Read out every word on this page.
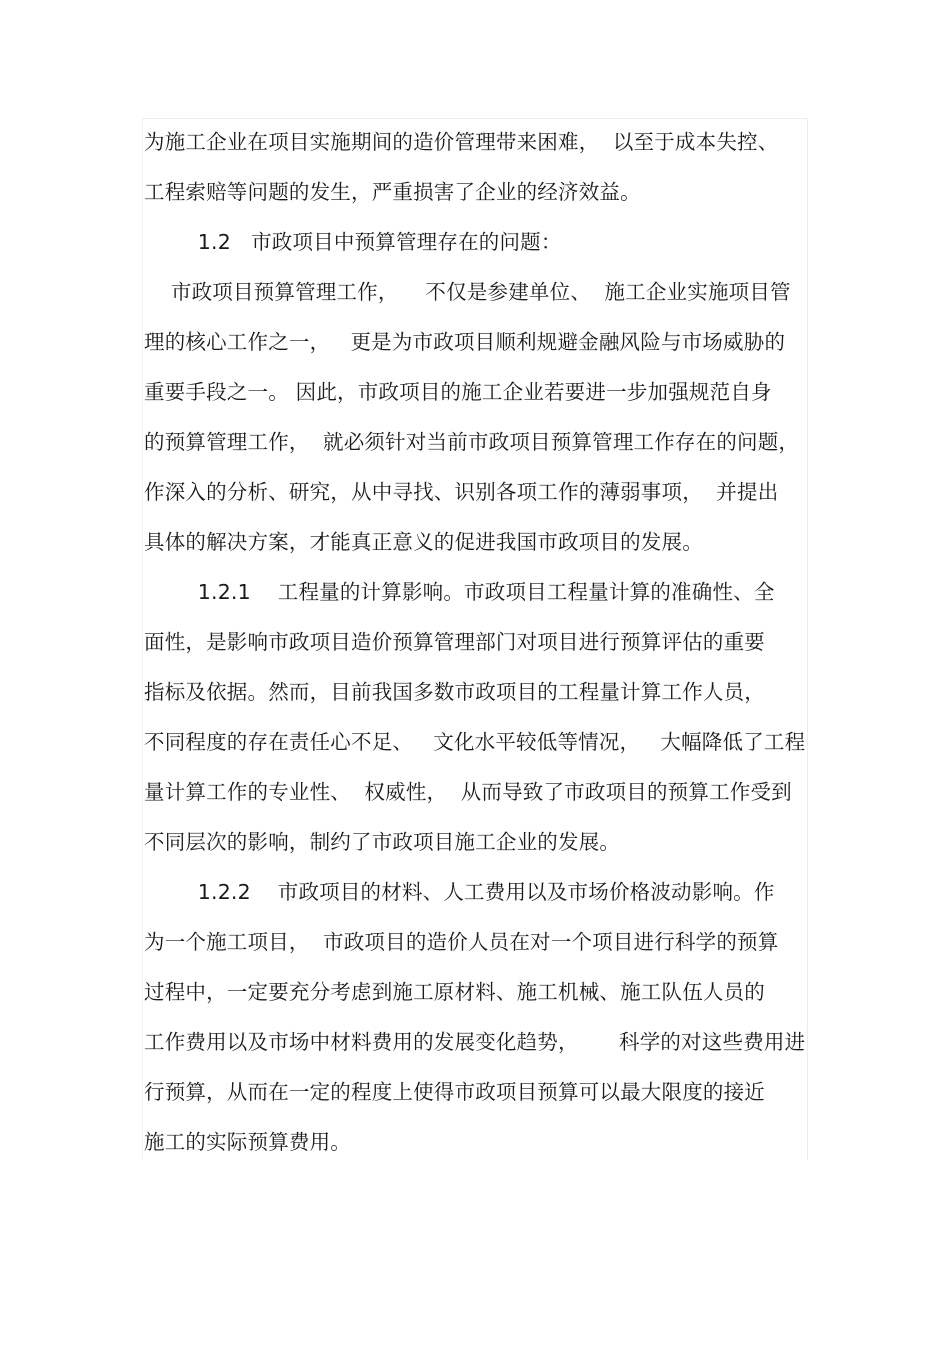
为施工企业在项目实施期间的造价管理带来困难，  以至于成本失控、
工程索赔等问题的发生，严重损害了企业的经济效益。
1.2   市政项目中预算管理存在的问题：
市政项目预算管理工作，    不仅是参建单位、  施工企业实施项目管
理的核心工作之一，   更是为市政项目顺利规避金融风险与市场威胁的
重要手段之一。 因此，市政项目的施工企业若要进一步加强规范自身
的预算管理工作，  就必须针对当前市政项目预算管理工作存在的问题，
作深入的分析、研究，从中寻找、识别各项工作的薄弱事项，  并提出
具体的解决方案，才能真正意义的促进我国市政项目的发展。
1.2.1    工程量的计算影响。市政项目工程量计算的准确性、全
面性，是影响市政项目造价预算管理部门对项目进行预算评估的重要
指标及依据。然而，目前我国多数市政项目的工程量计算工作人员，
不同程度的存在责任心不足、   文化水平较低等情况，   大幅降低了工程
量计算工作的专业性、  权威性，  从而导致了市政项目的预算工作受到
不同层次的影响，制约了市政项目施工企业的发展。
1.2.2    市政项目的材料、人工费用以及市场价格波动影响。作
为一个施工项目，  市政项目的造价人员在对一个项目进行科学的预算
过程中，一定要充分考虑到施工原材料、施工机械、施工队伍人员的
工作费用以及市场中材料费用的发展变化趋势，      科学的对这些费用进
行预算，从而在一定的程度上使得市政项目预算可以最大限度的接近
施工的实际预算费用。
